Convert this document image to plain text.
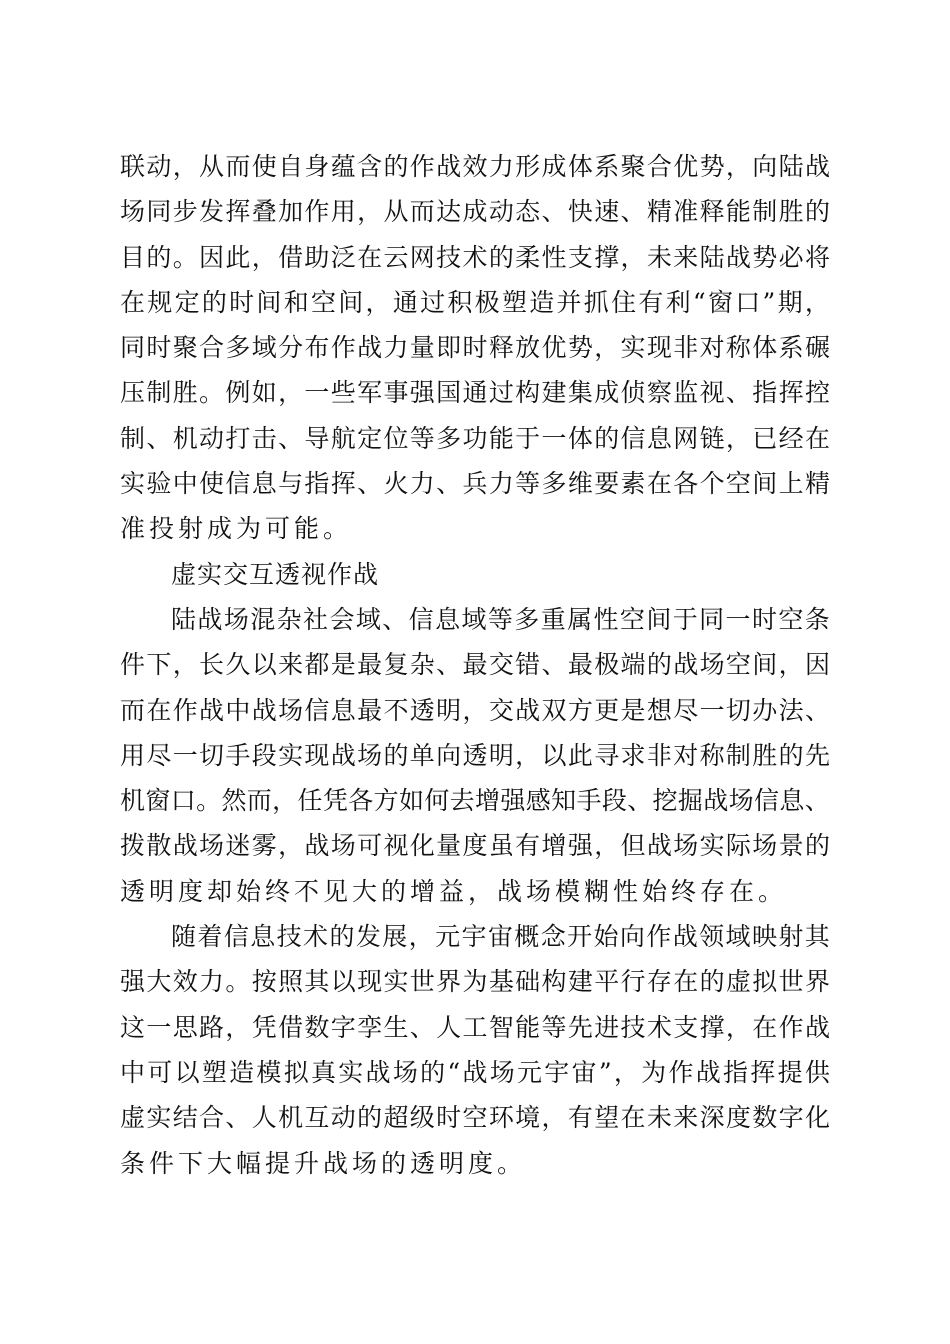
联 动 ， 从 而 使 自 身 蕴 含 的 作 战 效 力 形 成 体 系 聚 合 优 势 ， 向 陆 战
场 同 步 发 挥 叠 加 作 用 ， 从 而 达 成 动 态 、 快 速 、 精 准 释 能 制 胜 的
目 的 。 因 此 ， 借 助 泛 在 云 网 技 术 的 柔 性 支 撑 ， 未 来 陆 战 势 必 将
在 规 定 的 时 间 和 空 间 ， 通 过 积 极 塑 造 并 抓 住 有 利 “ 窗 口 ” 期 ，
同 时 聚 合 多 域 分 布 作 战 力 量 即 时 释 放 优 势 ， 实 现 非 对 称 体 系 碾
压 制 胜 。 例 如 ， 一 些 军 事 强 国 通 过 构 建 集 成 侦 察 监 视 、 指 挥 控
制 、 机 动 打 击 、 导 航 定 位 等 多 功 能 于 一 体 的 信 息 网 链 ， 已 经 在
实 验 中 使 信 息 与 指 挥 、 火 力 、 兵 力 等 多 维 要 素 在 各 个 空 间 上 精
准投射成为可能。
虚实交互透视作战
陆 战 场 混 杂 社 会 域 、 信 息 域 等 多 重 属 性 空 间 于 同 一 时 空 条
件 下 ， 长 久 以 来 都 是 最 复 杂 、 最 交 错 、 最 极 端 的 战 场 空 间 ， 因
而 在 作 战 中 战 场 信 息 最 不 透 明 ， 交 战 双 方 更 是 想 尽 一 切 办 法 、
用 尽 一 切 手 段 实 现 战 场 的 单 向 透 明 ， 以 此 寻 求 非 对 称 制 胜 的 先
机 窗 口 。 然 而 ， 任 凭 各 方 如 何 去 增 强 感 知 手 段 、 挖 掘 战 场 信 息 、
拨 散 战 场 迷 雾 ， 战 场 可 视 化 量 度 虽 有 增 强 ， 但 战 场 实 际 场 景 的
透明度却始终不见大的增益，战场模糊性始终存在。
随 着 信 息 技 术 的 发 展 ， 元 宇 宙 概 念 开 始 向 作 战 领 域 映 射 其
强 大 效 力 。 按 照 其 以 现 实 世 界 为 基 础 构 建 平 行 存 在 的 虚 拟 世 界
这 一 思 路 ， 凭 借 数 字 孪 生 、 人 工 智 能 等 先 进 技 术 支 撑 ， 在 作 战
中 可 以 塑 造 模 拟 真 实 战 场 的 “ 战 场 元 宇 宙 ” ， 为 作 战 指 挥 提 供
虚 实 结 合 、 人 机 互 动 的 超 级 时 空 环 境 ， 有 望 在 未 来 深 度 数 字 化
条件下大幅提升战场的透明度。
